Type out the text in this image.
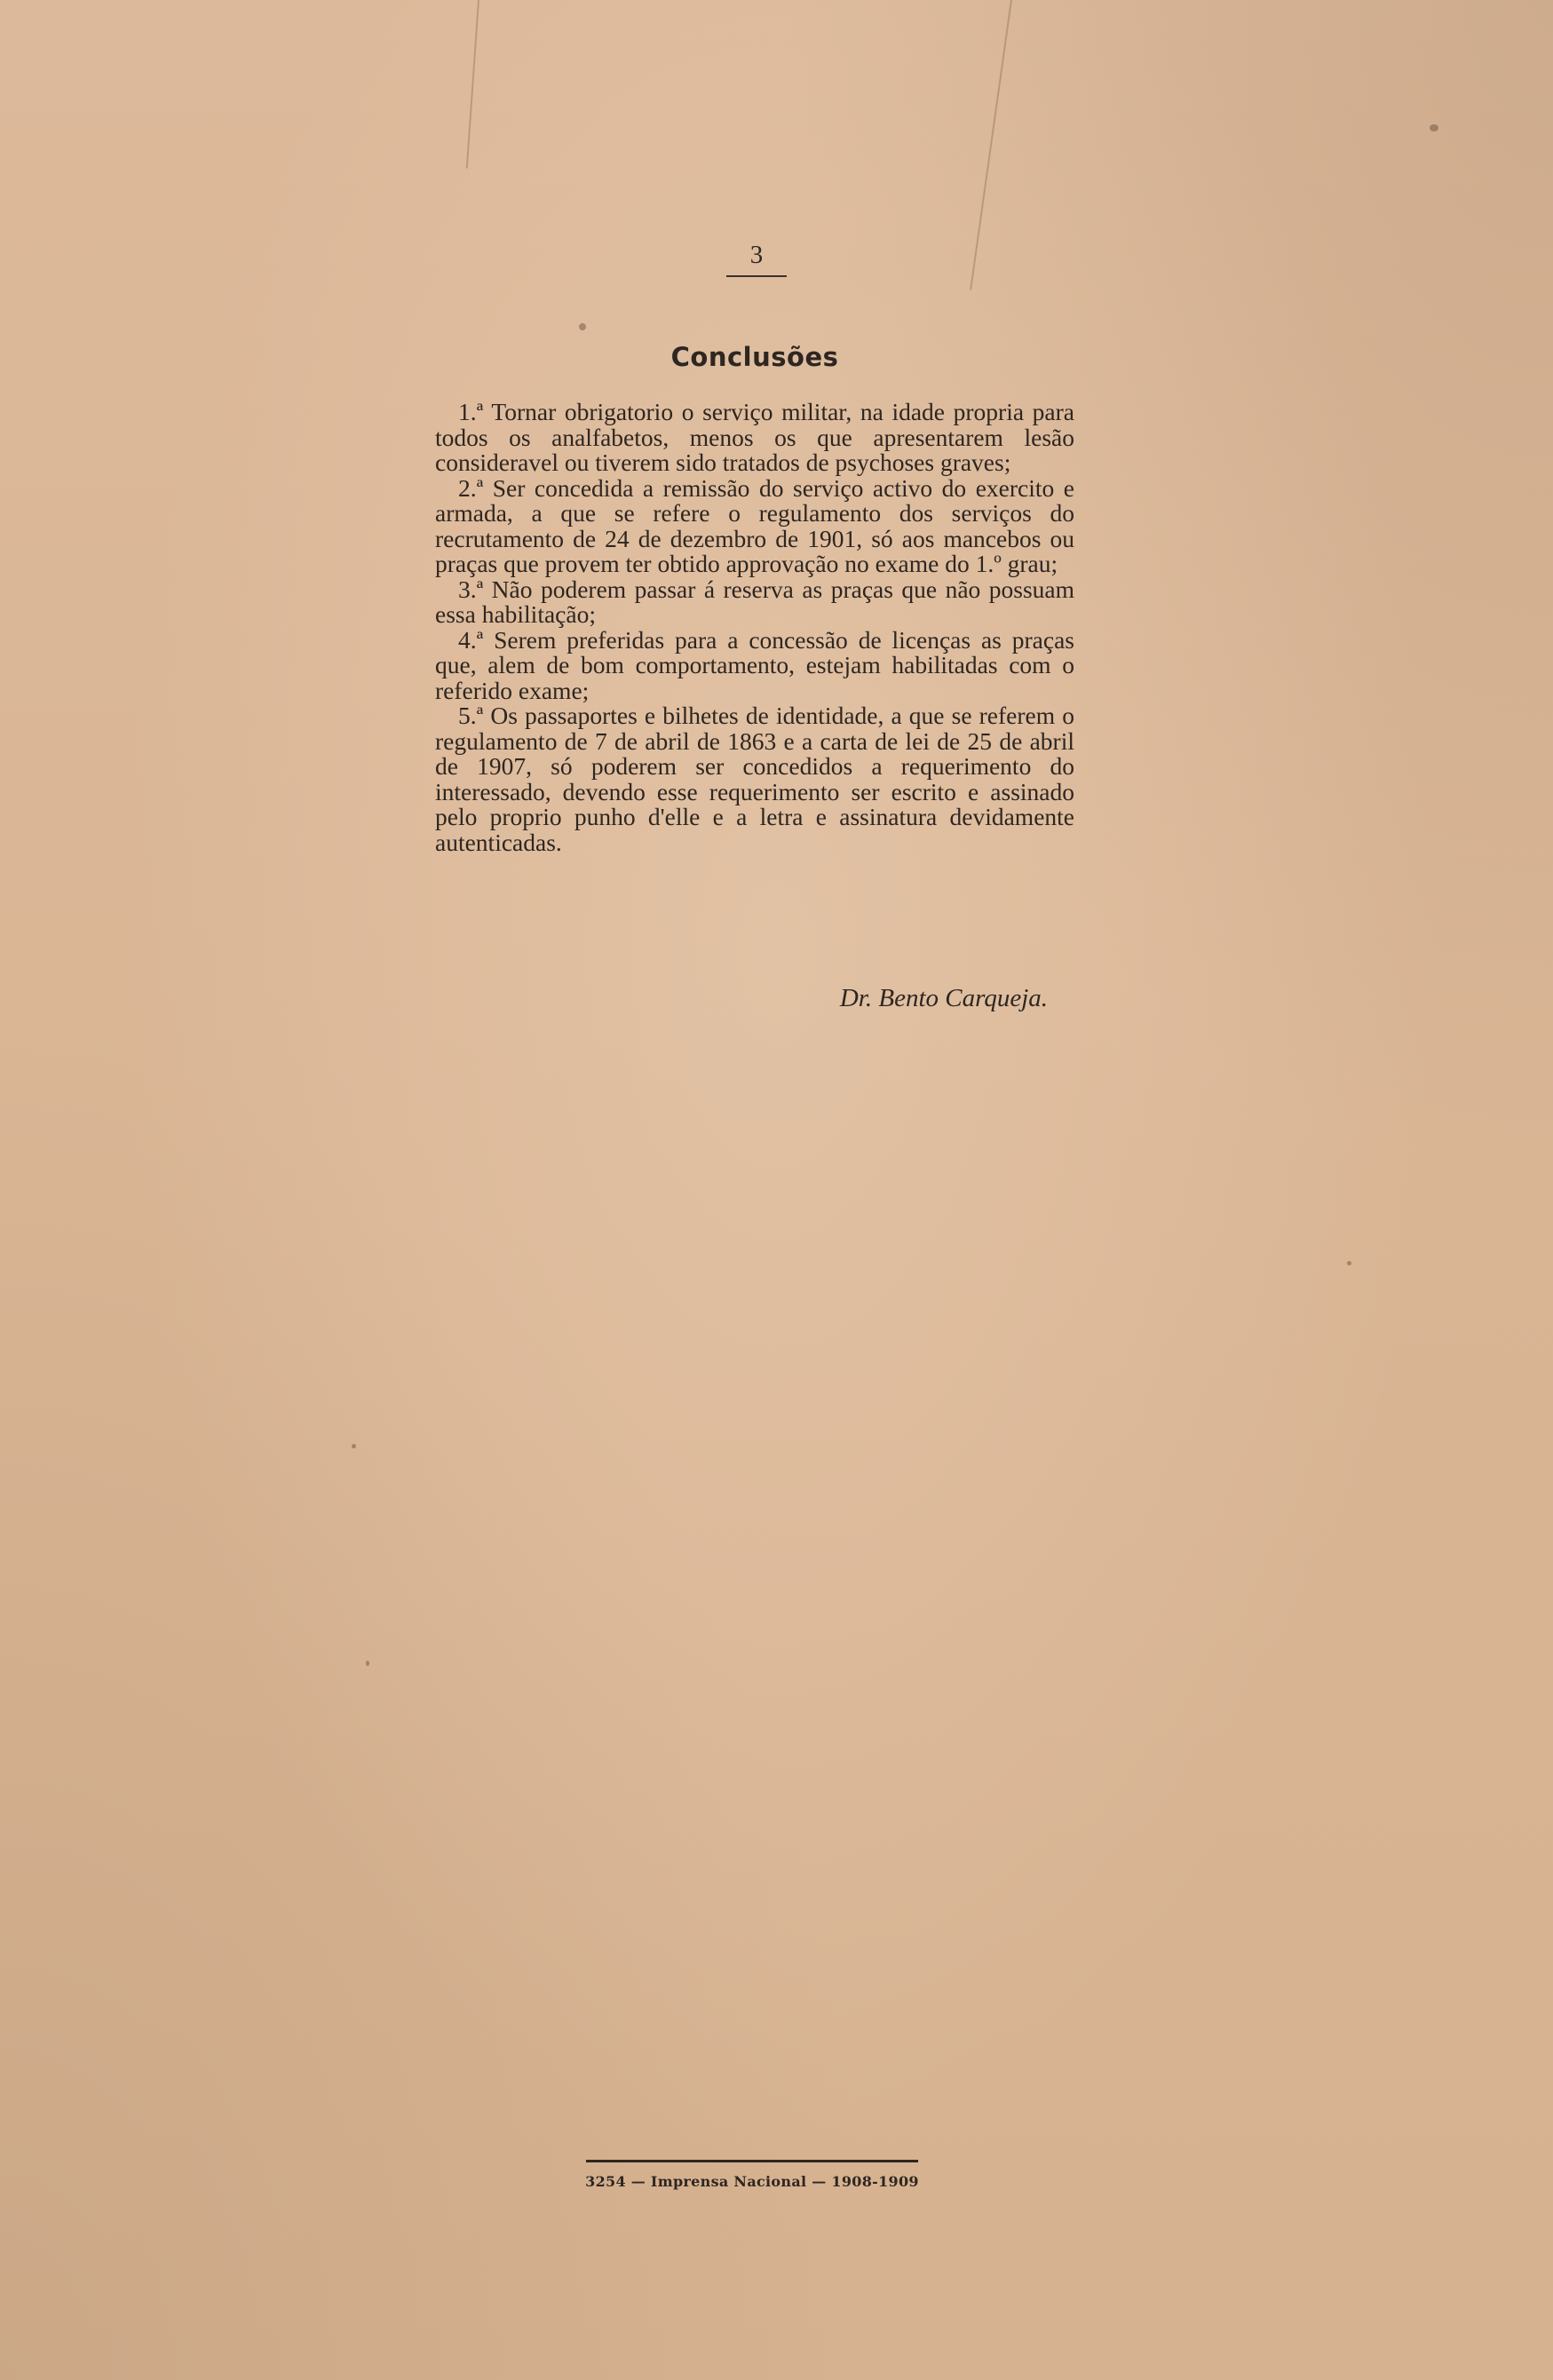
3
Conclusões

1.ª Tornar obrigatorio o serviço militar, na idade propria para todos os analfabetos, menos os que apresentarem lesão consideravel ou tiverem sido tratados de psychoses graves;

2.ª Ser concedida a remissão do serviço activo do exercito e armada, a que se refere o regulamento dos serviços do recrutamento de 24 de dezembro de 1901, só aos mancebos ou praças que provem ter obtido approvação no exame do 1.º grau;

3.ª Não poderem passar á reserva as praças que não possuam essa habilitação;

4.ª Serem preferidas para a concessão de licenças as praças que, alem de bom comportamento, estejam habilitadas com o referido exame;

5.ª Os passaportes e bilhetes de identidade, a que se referem o regulamento de 7 de abril de 1863 e a carta de lei de 25 de abril de 1907, só poderem ser concedidos a requerimento do interessado, devendo esse requerimento ser escrito e assinado pelo proprio punho d'elle e a letra e assinatura devidamente autenticadas.

Dr. Bento Carqueja.
3254 — Imprensa Nacional — 1908-1909
